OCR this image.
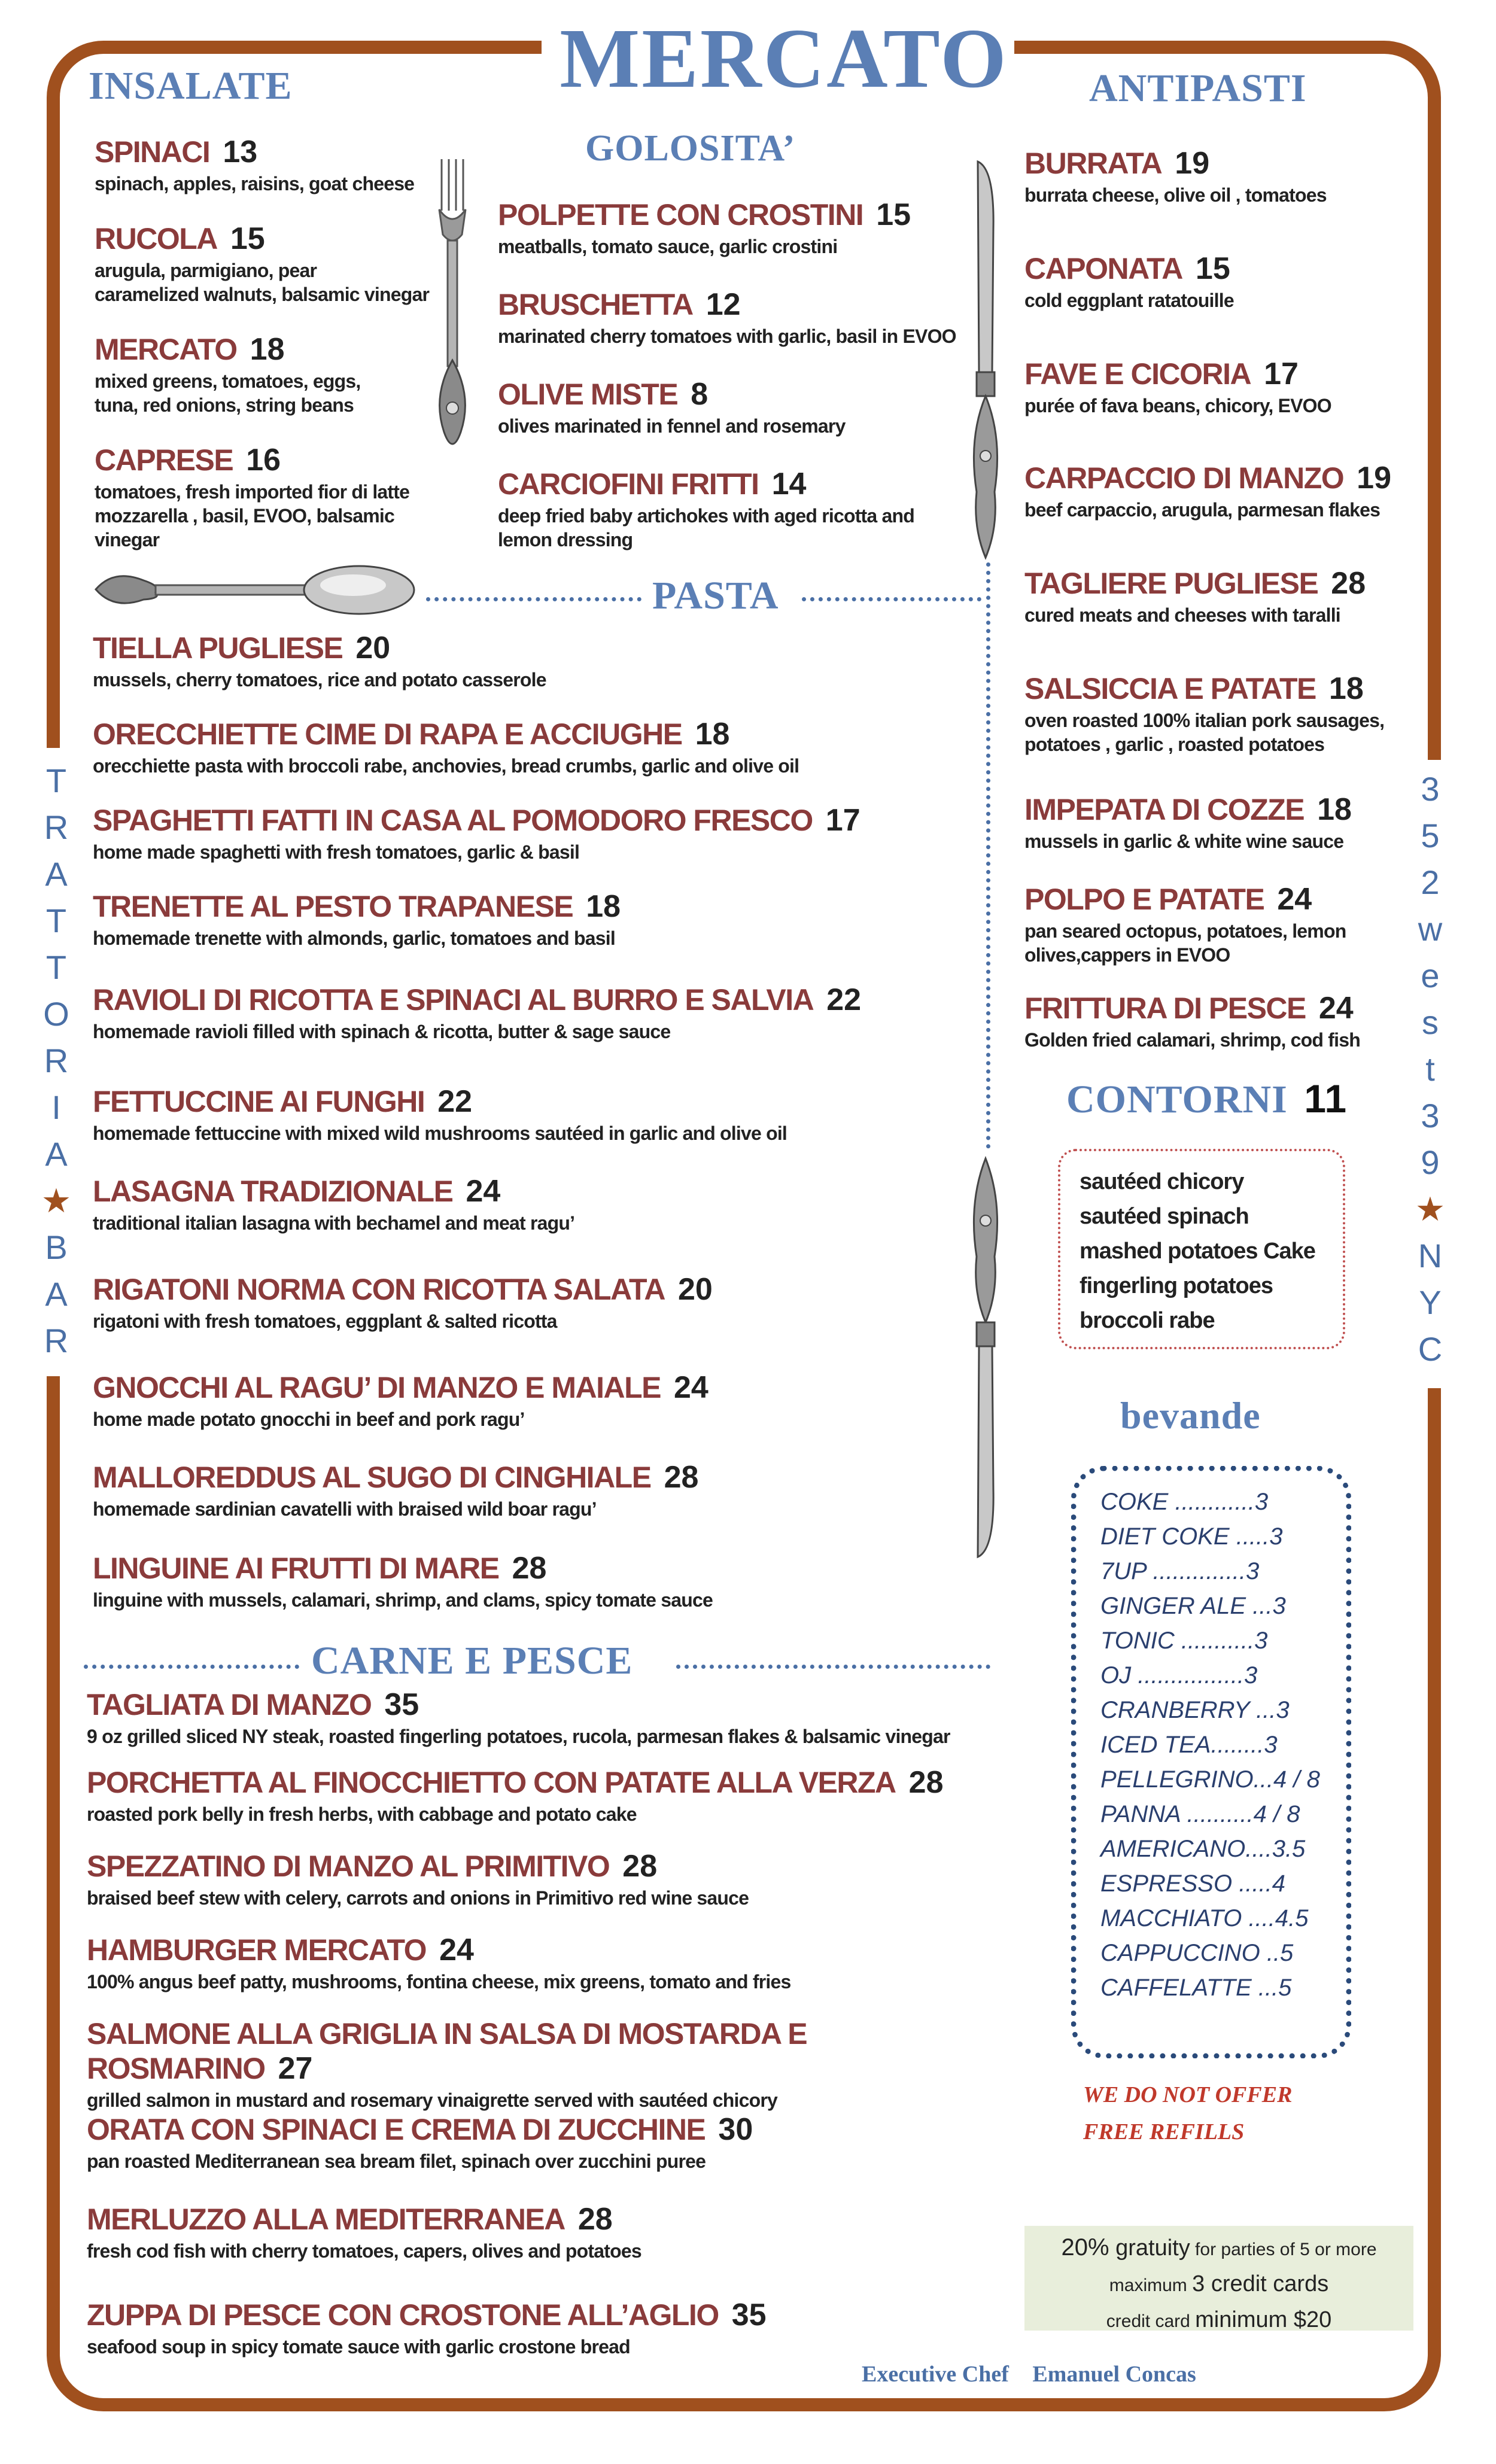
MERCATO
T
R
A
T
T
O
R
I
A
★
B
A
R
3
5
2
w
e
s
t
3
9
★
N
Y
C
INSALATE
GOLOSITA’
ANTIPASTI
PASTA
CARNE E PESCE
CONTORNI 11
bevande
SPINACI 13
spinach, apples, raisins, goat cheese
RUCOLA 15
arugula, parmigiano, pear
caramelized walnuts, balsamic vinegar
MERCATO 18
mixed greens, tomatoes, eggs,
tuna, red onions, string beans
CAPRESE 16
tomatoes, fresh imported fior di latte
mozzarella , basil, EVOO, balsamic
vinegar
POLPETTE CON CROSTINI 15
meatballs, tomato sauce, garlic crostini
BRUSCHETTA 12
marinated cherry tomatoes with garlic, basil in EVOO
OLIVE MISTE 8
olives marinated in fennel and rosemary
CARCIOFINI FRITTI 14
deep fried baby artichokes with aged ricotta and
lemon dressing
BURRATA 19
burrata cheese, olive oil , tomatoes
CAPONATA 15
cold eggplant ratatouille
FAVE E CICORIA 17
purée of fava beans, chicory, EVOO
CARPACCIO DI MANZO 19
beef carpaccio, arugula, parmesan flakes
TAGLIERE PUGLIESE 28
cured meats and cheeses with taralli
SALSICCIA E PATATE 18
oven roasted 100% italian pork sausages,
potatoes , garlic , roasted potatoes
IMPEPATA DI COZZE 18
mussels in garlic & white wine sauce
POLPO E PATATE 24
pan seared octopus, potatoes, lemon
olives,cappers in EVOO
FRITTURA DI PESCE 24
Golden fried calamari, shrimp, cod fish
TIELLA PUGLIESE 20
mussels, cherry tomatoes, rice and potato casserole
ORECCHIETTE CIME DI RAPA E ACCIUGHE 18
orecchiette pasta with broccoli rabe, anchovies, bread crumbs, garlic and olive oil
SPAGHETTI FATTI IN CASA AL POMODORO FRESCO 17
home made spaghetti with fresh tomatoes, garlic & basil
TRENETTE AL PESTO TRAPANESE 18
homemade trenette with almonds, garlic, tomatoes and basil
RAVIOLI DI RICOTTA E SPINACI AL BURRO E SALVIA 22
homemade ravioli filled with spinach & ricotta, butter & sage sauce
FETTUCCINE AI FUNGHI 22
homemade fettuccine with mixed wild mushrooms sautéed in garlic and olive oil
LASAGNA TRADIZIONALE 24
traditional italian lasagna with bechamel and meat ragu’
RIGATONI NORMA CON RICOTTA SALATA 20
rigatoni with fresh tomatoes, eggplant & salted ricotta
GNOCCHI AL RAGU’ DI MANZO E MAIALE 24
home made potato gnocchi in beef and pork ragu’
MALLOREDDUS AL SUGO DI CINGHIALE 28
homemade sardinian cavatelli with braised wild boar ragu’
LINGUINE AI FRUTTI DI MARE 28
linguine with mussels, calamari, shrimp, and clams, spicy tomate sauce
TAGLIATA DI MANZO 35
9 oz grilled sliced NY steak, roasted fingerling potatoes, rucola, parmesan flakes & balsamic vinegar
PORCHETTA AL FINOCCHIETTO CON PATATE ALLA VERZA 28
roasted pork belly in fresh herbs, with cabbage and potato cake
SPEZZATINO DI MANZO AL PRIMITIVO 28
braised beef stew with celery, carrots and onions in Primitivo red wine sauce
HAMBURGER MERCATO 24
100% angus beef patty, mushrooms, fontina cheese, mix greens, tomato and fries
SALMONE ALLA GRIGLIA IN SALSA DI MOSTARDA E ROSMARINO 27
grilled salmon in mustard and rosemary vinaigrette served with sautéed chicory
ORATA CON SPINACI E CREMA DI ZUCCHINE 30
pan roasted Mediterranean sea bream filet, spinach over zucchini puree
MERLUZZO ALLA MEDITERRANEA 28
fresh cod fish with cherry tomatoes, capers, olives and potatoes
ZUPPA DI PESCE CON CROSTONE ALL’AGLIO 35
seafood soup in spicy tomate sauce with garlic crostone bread
sautéed chicory
sautéed spinach
mashed potatoes Cake
fingerling potatoes
broccoli rabe
COKE ............3
DIET COKE .....3
7UP ..............3
GINGER ALE ...3
TONIC ...........3
OJ ................3
CRANBERRY ...3
ICED TEA........3
PELLEGRINO...4 / 8
PANNA ..........4 / 8
AMERICANO....3.5
ESPRESSO .....4
MACCHIATO ....4.5
CAPPUCCINO ..5
CAFFELATTE ...5
WE DO NOT OFFER
FREE REFILLS
20% gratuity for parties of 5 or more
maximum 3 credit cards
credit card minimum $20
Executive Chef Emanuel Concas
